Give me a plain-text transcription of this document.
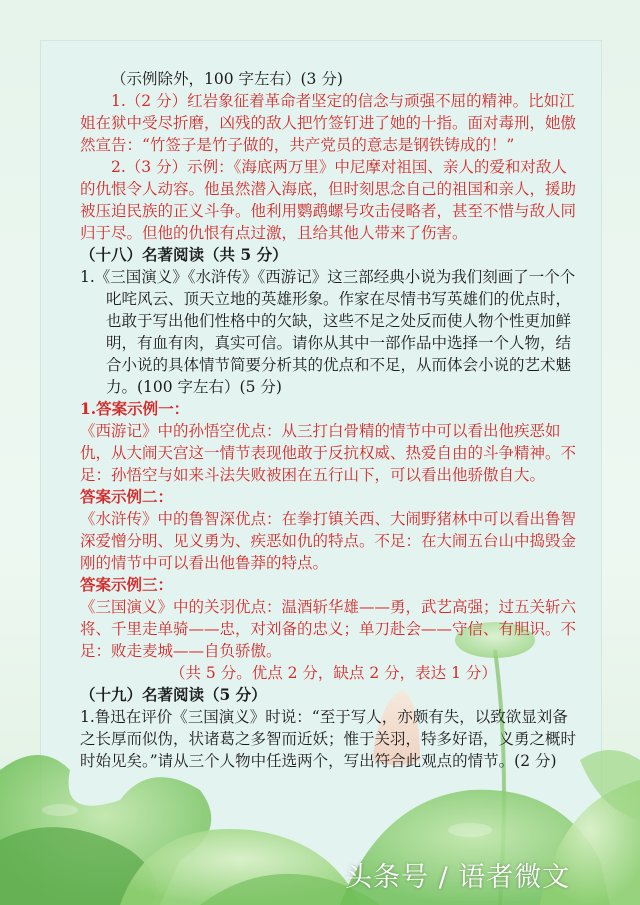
（示例除外，100 字左右）(3 分)

1.（2 分）红岩象征着革命者坚定的信念与顽强不屈的精神。比如江姐在狱中受尽折磨，凶残的敌人把竹签钉进了她的十指。面对毒刑，她傲然宣告：“竹签子是竹子做的，共产党员的意志是钢铁铸成的！”

2.（3 分）示例：《海底两万里》中尼摩对祖国、亲人的爱和对敌人的仇恨令人动容。他虽然潜入海底，但时刻思念自己的祖国和亲人，援助被压迫民族的正义斗争。他利用鹦鹉螺号攻击侵略者，甚至不惜与敌人同归于尽。但他的仇恨有点过激，且给其他人带来了伤害。

（十八）名著阅读（共 5 分）

1.《三国演义》《水浒传》《西游记》这三部经典小说为我们刻画了一个个叱咤风云、顶天立地的英雄形象。作家在尽情书写英雄们的优点时，也敢于写出他们性格中的欠缺，这些不足之处反而使人物个性更加鲜明，有血有肉，真实可信。请你从其中一部作品中选择一个人物，结合小说的具体情节简要分析其的优点和不足，从而体会小说的艺术魅力。(100 字左右）(5 分)

1.答案示例一：

《西游记》中的孙悟空优点：从三打白骨精的情节中可以看出他疾恶如仇，从大闹天宫这一情节表现他敢于反抗权威、热爱自由的斗争精神。不足：孙悟空与如来斗法失败被困在五行山下，可以看出他骄傲自大。

答案示例二：

《水浒传》中的鲁智深优点：在拳打镇关西、大闹野猪林中可以看出鲁智深爱憎分明、见义勇为、疾恶如仇的特点。不足：在大闹五台山中捣毁金刚的情节中可以看出他鲁莽的特点。

答案示例三：

《三国演义》中的关羽优点：温酒斩华雄——勇，武艺高强；过五关斩六将、千里走单骑——忠，对刘备的忠义；单刀赴会——守信、有胆识。不足：败走麦城——自负骄傲。

（共 5 分。优点 2 分，缺点 2 分，表达 1 分）

（十九）名著阅读（5 分）

1.鲁迅在评价《三国演义》时说：“至于写人，亦颇有失，以致欲显刘备之长厚而似伪，状诸葛之多智而近妖；惟于关羽，特多好语，义勇之概时时始见矣。”请从三个人物中任选两个，写出符合此观点的情节。(2 分)

头条号 / 语者微文
